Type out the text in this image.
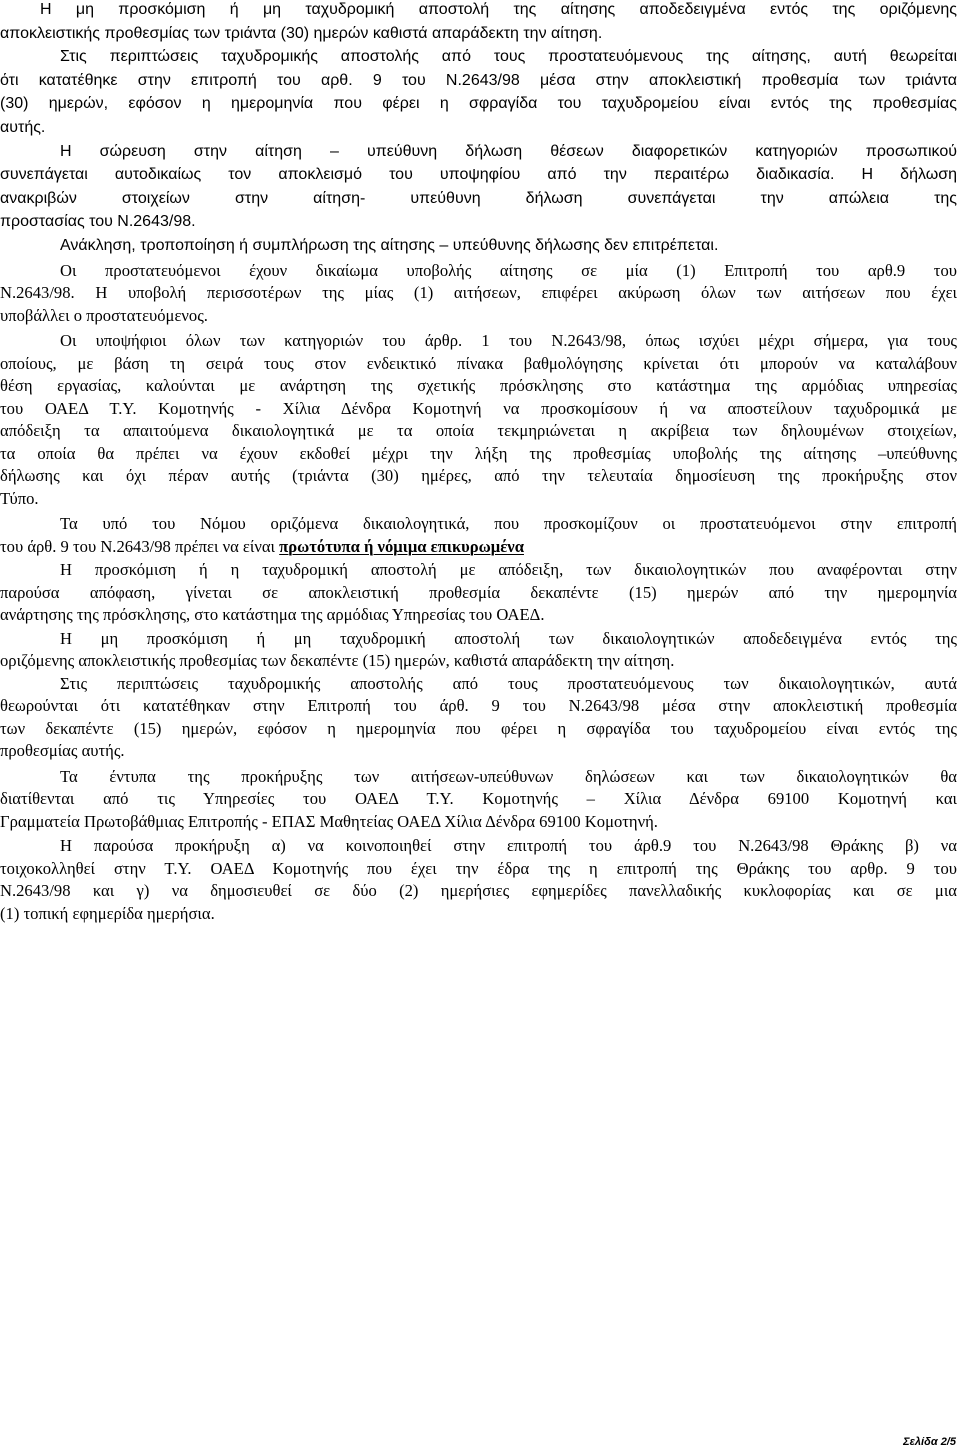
Η μη προσκόμιση ή μη ταχυδρομική αποστολή της αίτησης αποδεδειγμένα εντός της οριζόμενης
αποκλειστικής προθεσμίας των τριάντα (30) ημερών καθιστά απαράδεκτη την αίτηση.
Στις περιπτώσεις ταχυδρομικής αποστολής από τους προστατευόμενους της αίτησης, αυτή θεωρείται
ότι κατατέθηκε στην επιτροπή του αρθ. 9 του Ν.2643/98 μέσα στην αποκλειστική προθεσμία των τριάντα
(30) ημερών, εφόσον η ημερομηνία που φέρει η σφραγίδα του ταχυδρομείου είναι εντός της προθεσμίας
αυτής.
Η σώρευση στην αίτηση – υπεύθυνη δήλωση θέσεων διαφορετικών κατηγοριών προσωπικού
συνεπάγεται αυτοδικαίως τον αποκλεισμό του υποψηφίου από την περαιτέρω διαδικασία. Η δήλωση
ανακριβών στοιχείων στην αίτηση- υπεύθυνη δήλωση συνεπάγεται την απώλεια της
προστασίας του Ν.2643/98.
Ανάκληση, τροποποίηση ή συμπλήρωση της αίτησης – υπεύθυνης δήλωσης δεν επιτρέπεται.
Οι προστατευόμενοι έχουν δικαίωμα υποβολής αίτησης σε μία (1) Επιτροπή του αρθ.9 του
Ν.2643/98. Η υποβολή περισσοτέρων της μίας (1) αιτήσεων, επιφέρει ακύρωση όλων των αιτήσεων που έχει
υποβάλλει ο προστατευόμενος.
Οι υποψήφιοι όλων των κατηγοριών του άρθρ. 1 του Ν.2643/98, όπως ισχύει μέχρι σήμερα, για τους
οποίους, με βάση τη σειρά τους στον ενδεικτικό πίνακα βαθμολόγησης κρίνεται ότι μπορούν να καταλάβουν
θέση εργασίας, καλούνται με ανάρτηση της σχετικής πρόσκλησης στο κατάστημα της αρμόδιας υπηρεσίας
του ΟΑΕΔ Τ.Υ. Κομοτηνής - Χίλια Δένδρα Κομοτηνή να προσκομίσουν ή να αποστείλουν ταχυδρομικά με
απόδειξη τα απαιτούμενα δικαιολογητικά με τα οποία τεκμηριώνεται η ακρίβεια των δηλουμένων στοιχείων,
τα οποία θα πρέπει να έχουν εκδοθεί μέχρι την λήξη της προθεσμίας υποβολής της αίτησης –υπεύθυνης
δήλωσης και όχι πέραν αυτής (τριάντα (30) ημέρες, από την τελευταία δημοσίευση της προκήρυξης στον
Τύπο.
Τα υπό του Νόμου οριζόμενα δικαιολογητικά, που προσκομίζουν οι προστατευόμενοι στην επιτροπή
του άρθ. 9 του Ν.2643/98 πρέπει να είναι πρωτότυπα ή νόμιμα επικυρωμένα
Η προσκόμιση ή η ταχυδρομική αποστολή με απόδειξη, των δικαιολογητικών που αναφέρονται στην
παρούσα απόφαση, γίνεται σε αποκλειστική προθεσμία δεκαπέντε (15) ημερών από την ημερομηνία
ανάρτησης της πρόσκλησης, στο κατάστημα της αρμόδιας Υπηρεσίας του ΟΑΕΔ.
Η μη προσκόμιση ή μη ταχυδρομική αποστολή των δικαιολογητικών αποδεδειγμένα εντός της
οριζόμενης αποκλειστικής προθεσμίας των δεκαπέντε (15) ημερών, καθιστά απαράδεκτη την αίτηση.
Στις περιπτώσεις ταχυδρομικής αποστολής από τους προστατευόμενους των δικαιολογητικών, αυτά
θεωρούνται ότι κατατέθηκαν στην Επιτροπή του άρθ. 9 του Ν.2643/98 μέσα στην αποκλειστική προθεσμία
των δεκαπέντε (15) ημερών, εφόσον η ημερομηνία που φέρει η σφραγίδα του ταχυδρομείου είναι εντός της
προθεσμίας αυτής.
Τα έντυπα της προκήρυξης των αιτήσεων-υπεύθυνων δηλώσεων και των δικαιολογητικών θα
διατίθενται από τις Υπηρεσίες του ΟΑΕΔ Τ.Υ. Κομοτηνής – Χίλια Δένδρα 69100 Κομοτηνή και
Γραμματεία Πρωτοβάθμιας Επιτροπής - ΕΠΑΣ Μαθητείας ΟΑΕΔ Χίλια Δένδρα 69100 Κομοτηνή.
Η παρούσα προκήρυξη α) να κοινοποιηθεί στην επιτροπή του άρθ.9 του Ν.2643/98 Θράκης β) να
τοιχοκολληθεί στην Τ.Υ. ΟΑΕΔ Κομοτηνής που έχει την έδρα της η επιτροπή της Θράκης του αρθρ. 9 του
Ν.2643/98 και γ) να δημοσιευθεί σε δύο (2) ημερήσιες εφημερίδες πανελλαδικής κυκλοφορίας και σε μια
(1) τοπική εφημερίδα ημερήσια.
Σελίδα 2/5
